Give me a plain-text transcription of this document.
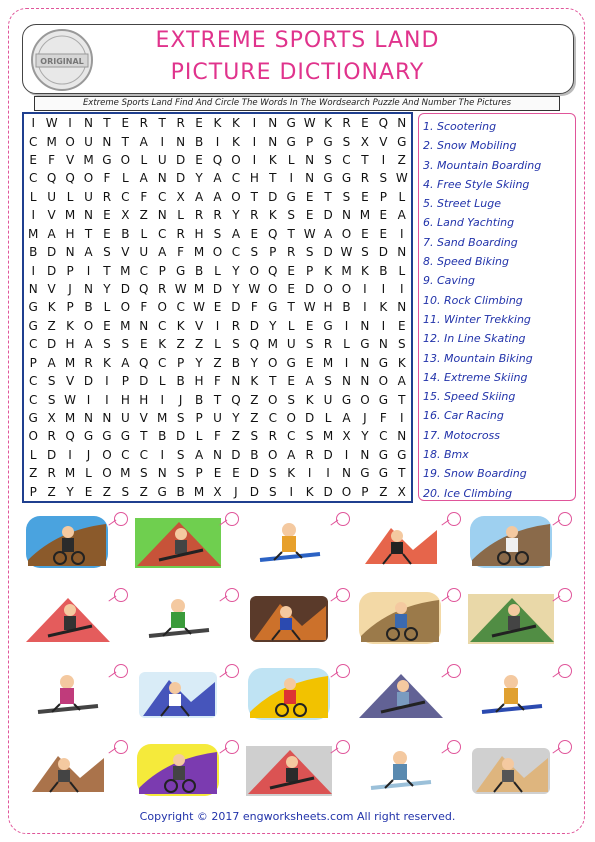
ORIGINAL
EXTREME SPORTS LAND
PICTURE DICTIONARY
Extreme Sports Land Find And Circle The Words In The Wordsearch Puzzle And Number The Pictures
I W I	N T E R T R E K K	I	N G W K R E Q N
C M O U N T A	I	N B	I	K	I	N G P G S X V G
E F V M G O L U D E Q O I	K L N S C T	I	Z
C Q Q O F L A N D Y A C H T	I	N G G R S W
L U L U R C F C X A A O T D G E T S E P L
I	V M N E X Z N L R R Y R K S E D N M E A
M A H T E B L C R H S A E Q T W A O E E	I
B D N A S V U A F M O C S P R S D W S D N
I	D P	I	T M C P G B L Y O Q E P K M K B L
N V	J	N Y D Q R W M D Y W O E D O O I	I	I
G K P B L O F O C W E D F G T W H B	I	K N
G Z K O E M N C K V	I	R D Y L E G	I	N	I	E
C D H A S S E K Z Z L S Q M U S R L G N S
P A M R K A Q C P Y Z B Y O G E M I	N G K
C S V D	I	P D L B H F N K T E A S N N O A
C S W I	I	H H	I	J	B T Q Z O S K U G O G T
G X M N N U V M S P U Y Z C O D L A	J	F	I
O R Q G G G T B D L F Z S R C S M X Y C N
L D	I	J O C C	I	S A N D B O A R D	I	N G G
Z R M L O M S N S P E E D S K	I	I	N G G T
P Z Y E Z S Z G B M X	J	D S	I	K D O P Z X
1. Scootering
2. Snow Mobiling
3. Mountain Boarding
4. Free Style Skiing
5. Street Luge
6. Land Yachting
7. Sand Boarding
8. Speed Biking
9. Caving
10. Rock Climbing
11. Winter Trekking
12. In Line Skating
13. Mountain Biking
14. Extreme Skiing
15. Speed Skiing
16. Car Racing
17. Motocross
18. Bmx
19. Snow Boarding
20. Ice Climbing
Copyright © 2017 engworksheets.com All right reserved.
